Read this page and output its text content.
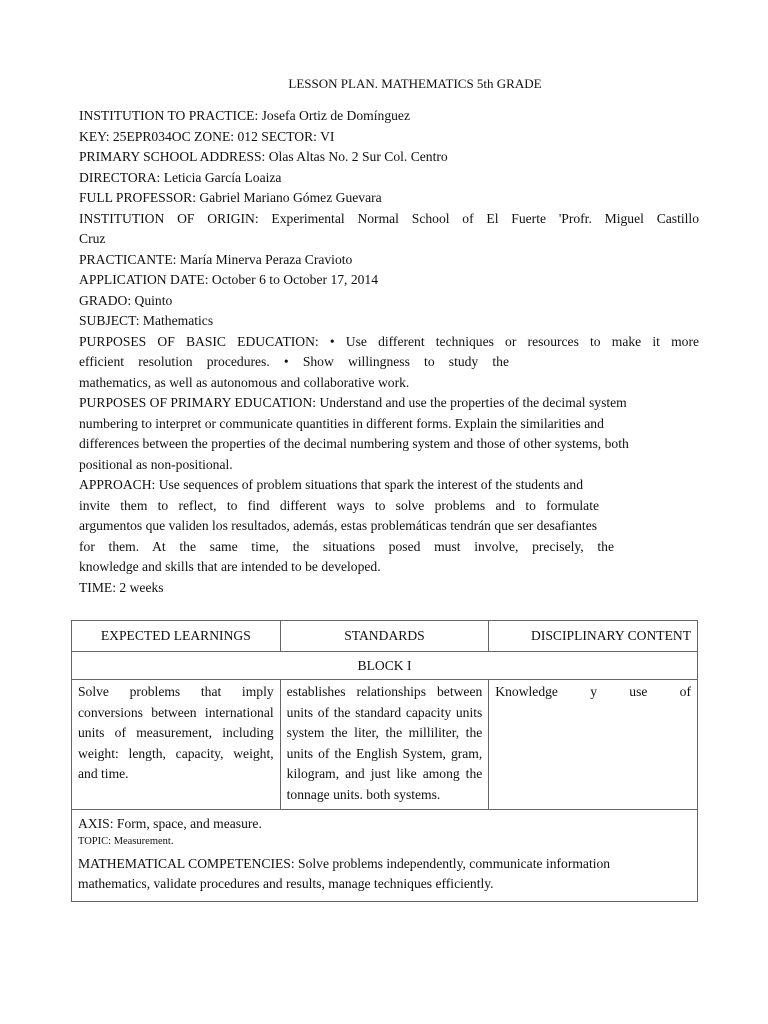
LESSON PLAN. MATHEMATICS 5th GRADE

INSTITUTION TO PRACTICE: Josefa Ortiz de Domínguez

KEY: 25EPR034OC ZONE: 012 SECTOR: VI

PRIMARY SCHOOL ADDRESS: Olas Altas No. 2 Sur Col. Centro

DIRECTORA: Leticia García Loaiza

FULL PROFESSOR: Gabriel Mariano Gómez Guevara

INSTITUTION OF ORIGIN: Experimental Normal School of El Fuerte 'Profr. Miguel Castillo

Cruz

PRACTICANTE: María Minerva Peraza Cravioto

APPLICATION DATE: October 6 to October 17, 2014

GRADO: Quinto

SUBJECT: Mathematics

PURPOSES OF BASIC EDUCATION: • Use different techniques or resources to make it more

efficient resolution procedures. • Show willingness to study the

mathematics, as well as autonomous and collaborative work.

PURPOSES OF PRIMARY EDUCATION: Understand and use the properties of the decimal system

numbering to interpret or communicate quantities in different forms. Explain the similarities and

differences between the properties of the decimal numbering system and those of other systems, both

positional as non-positional.

APPROACH: Use sequences of problem situations that spark the interest of the students and

invite them to reflect, to find different ways to solve problems and to formulate

argumentos que validen los resultados, además, estas problemáticas tendrán que ser desafiantes

for them. At the same time, the situations posed must involve, precisely, the

knowledge and skills that are intended to be developed.

TIME: 2 weeks

EXPECTED LEARNINGS	STANDARDS	DISCIPLINARY CONTENT
BLOCK I		
Solve problems that imply conversions between international units of measurement, including weight: length, capacity, weight, and time.	establishes relationships between units of the standard capacity units system the liter, the milliliter, the units of the English System, gram, kilogram, and just like among the tonnage units. both systems.	Knowledge y use of

AXIS: Form, space, and measure.
TOPIC: Measurement.
MATHEMATICAL COMPETENCIES: Solve problems independently, communicate information
mathematics, validate procedures and results, manage techniques efficiently.		
